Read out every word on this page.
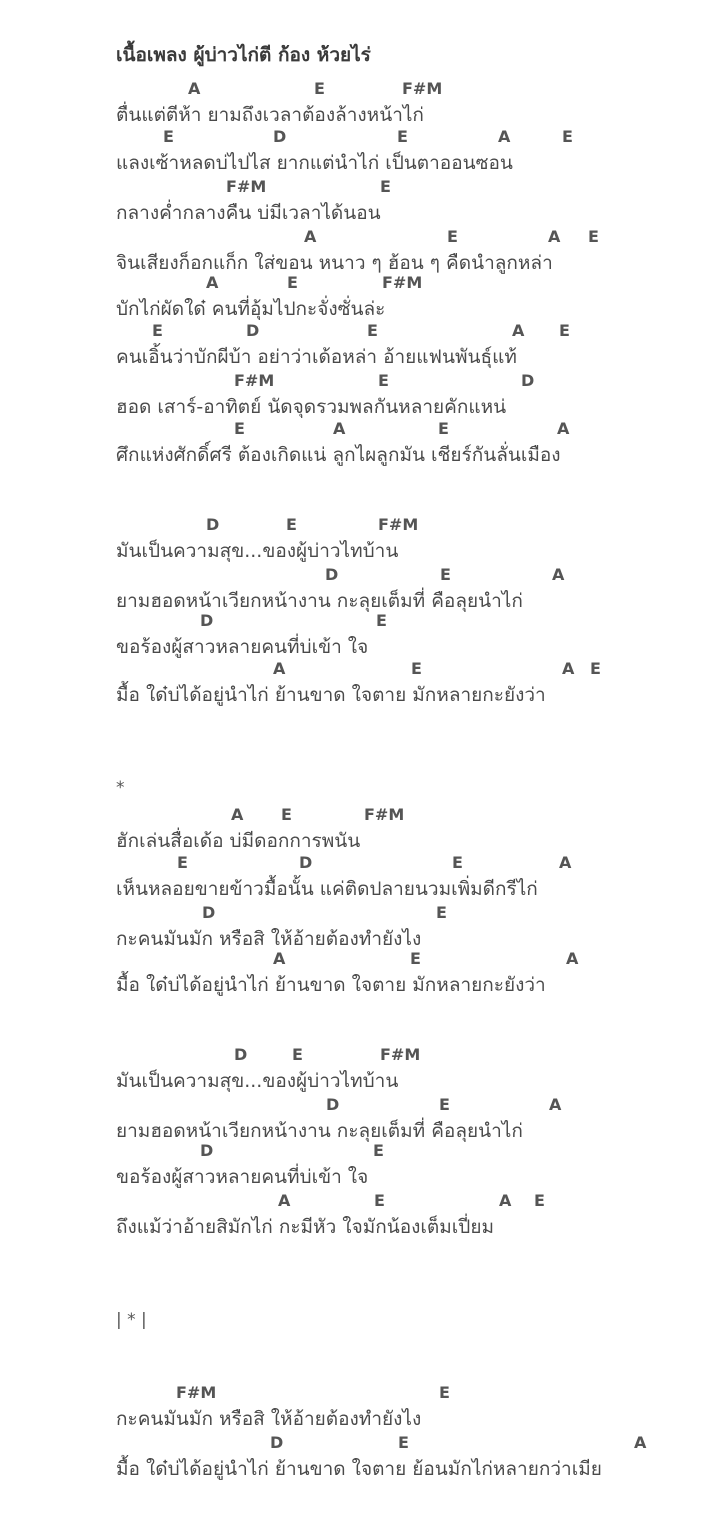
เนื้อเพลง ผู้บ่าวไก่ตี ก้อง ห้วยไร่
ตื่นแต่ตีห้า ยามถึงเวลาต้องล้างหน้าไก่
A	E	F#M
แลงเซ้าหลดบ่ไปไส ยากแต่นำไก่ เป็นตาออนซอน
E	D	E	A	E
กลางค่ำกลางคืน บ่มีเวลาได้นอน
F#M	E
จินเสียงก็อกแก็ก ใส่ขอน หนาว ๆ ฮ้อน ๆ คืดนำลูกหล่า
A	E	A E
บักไก่ผัดใด๋ คนที่อุ้มไปกะจั่งซั่นล่ะ
A	E	F#M
คนเอิ้นว่าบักผีบ้า อย่าว่าเด้อหล่า อ้ายแฟนพันธุ์แท้
E	D	E	A E
ฮอด เสาร์-อาทิตย์ นัดจุดรวมพลกันหลายคักแหน่
F#M	E	D
ศึกแห่งศักดิ์ศรี ต้องเกิดแน่ ลูกไผลูกมัน เชียร์กันลั่นเมือง
E	A	E	A
มันเป็นความสุข...ของผู้บ่าวไทบ้าน
D	E	F#M
ยามฮอดหน้าเวียกหน้างาน กะลุยเต็มที่ คือลุยนำไก่
D	E	A
ขอร้องผู้สาวหลายคนที่บ่เข้า ใจ
D	E
มื้อ ใด๋บ่ได้อยู่นำไก่ ย้านขาด ใจตาย มักหลายกะยังว่า
A	E	A E
ฮักเล่นสื่อเด้อ บ่มีดอกการพนัน
A E	F#M
เห็นหลอยขายข้าวมื้อนั้น แค่ติดปลายนวมเพิ่มดีกรีไก่
E	D	E	A
กะคนมันมัก หรือสิ ให้อ้ายต้องทำยังไง
D	E
มื้อ ใด๋บ่ได้อยู่นำไก่ ย้านขาด ใจตาย มักหลายกะยังว่า
A	E	A
มันเป็นความสุข...ของผู้บ่าวไทบ้าน
D	E	F#M
ยามฮอดหน้าเวียกหน้างาน กะลุยเต็มที่ คือลุยนำไก่
D	E	A
ขอร้องผู้สาวหลายคนที่บ่เข้า ใจ
D	E
ถึงแม้ว่าอ้ายสิมักไก่ กะมีหัว ใจมักน้องเต็มเปี่ยม
A	E	A E
กะคนมันมัก หรือสิ ให้อ้ายต้องทำยังไง
F#M	E
มื้อ ใด๋บ่ได้อยู่นำไก่ ย้านขาด ใจตาย ย้อนมักไก่หลายกว่าเมีย
D	E	A
*
| * |
